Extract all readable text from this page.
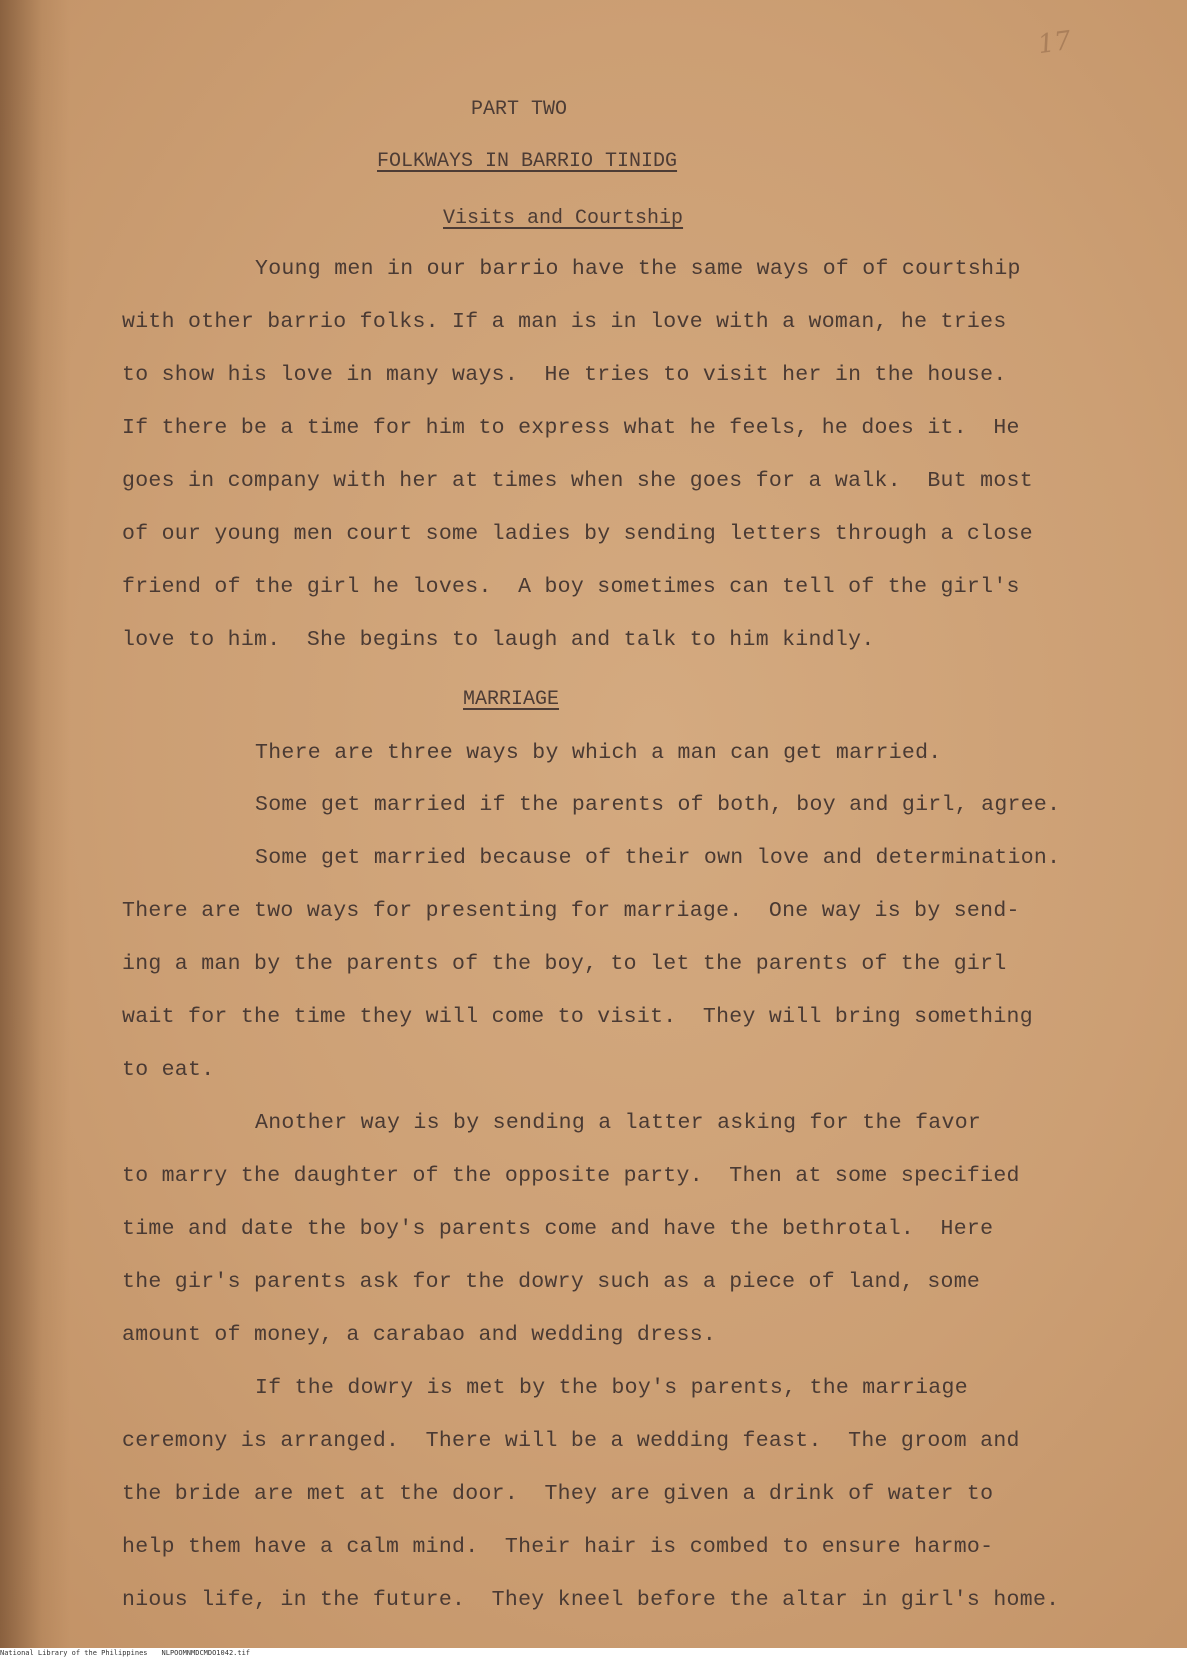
17
PART TWO
FOLKWAYS IN BARRIO TINIDG
Visits and Courtship

Young men in our barrio have the same ways of of courtship

with other barrio folks. If a man is in love with a woman, he tries

to show his love in many ways.  He tries to visit her in the house.

If there be a time for him to express what he feels, he does it.  He

goes in company with her at times when she goes for a walk.  But most

of our young men court some ladies by sending letters through a close

friend of the girl he loves.  A boy sometimes can tell of the girl's

love to him.  She begins to laugh and talk to him kindly.

MARRIAGE

There are three ways by which a man can get married.

Some get married if the parents of both, boy and girl, agree.

Some get married because of their own love and determination.

There are two ways for presenting for marriage.  One way is by send-

ing a man by the parents of the boy, to let the parents of the girl

wait for the time they will come to visit.  They will bring something

to eat.

Another way is by sending a latter asking for the favor

to marry the daughter of the opposite party.  Then at some specified

time and date the boy's parents come and have the bethrotal.  Here

the gir's parents ask for the dowry such as a piece of land, some

amount of money, a carabao and wedding dress.

If the dowry is met by the boy's parents, the marriage

ceremony is arranged.  There will be a wedding feast.  The groom and

the bride are met at the door.  They are given a drink of water to

help them have a calm mind.  Their hair is combed to ensure harmo-

nious life, in the future.  They kneel before the altar in girl's home.

National Library of the Philippines NLPOOMNMDCMDO1042.tif
